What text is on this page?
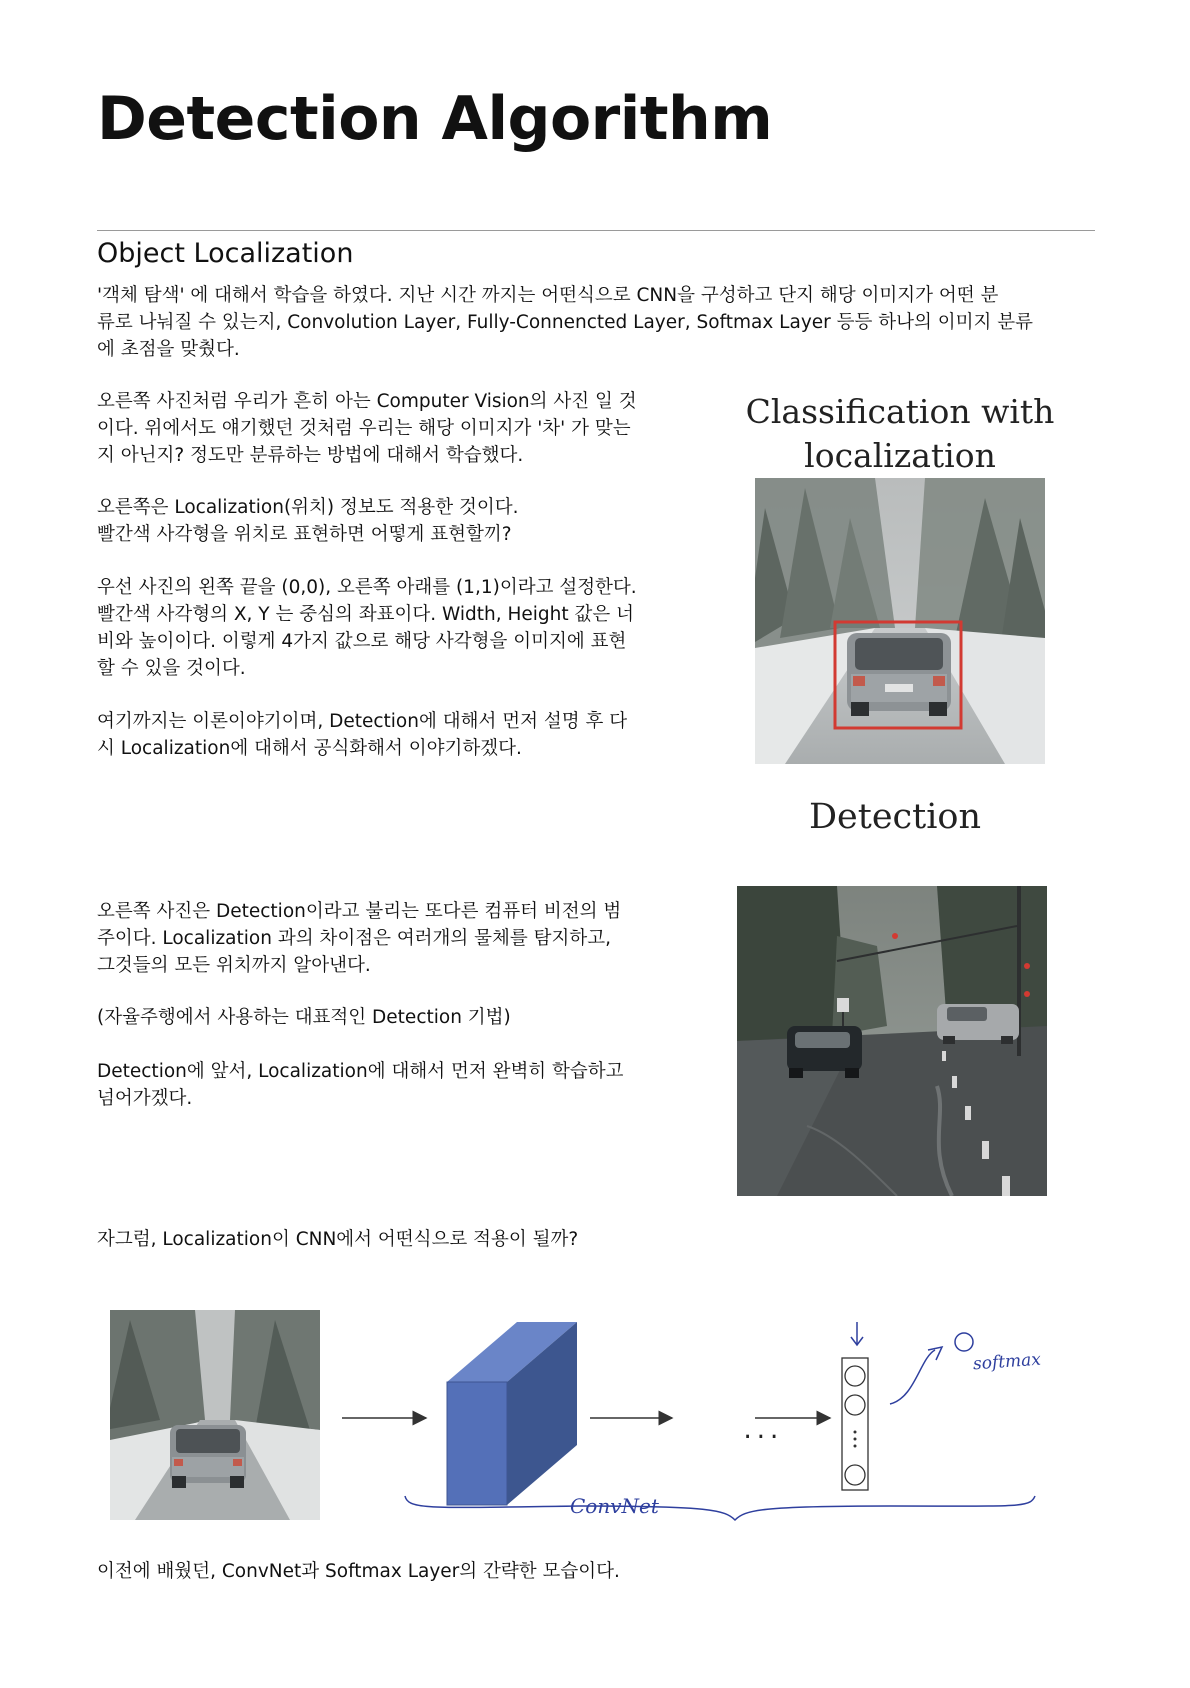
Detection Algorithm
Object Localization
'객체 탐색' 에 대해서 학습을 하였다. 지난 시간 까지는 어떤식으로 CNN을 구성하고 단지 해당 이미지가 어떤 분
류로 나눠질 수 있는지, Convolution Layer, Fully-Connencted Layer, Softmax Layer 등등 하나의 이미지 분류
에 초점을 맞췄다.
오른쪽 사진처럼 우리가 흔히 아는 Computer Vision의 사진 일 것
이다. 위에서도 얘기했던 것처럼 우리는 해당 이미지가 '차' 가 맞는
지 아닌지? 정도만 분류하는 방법에 대해서 학습했다.
오른쪽은 Localization(위치) 정보도 적용한 것이다.
빨간색 사각형을 위치로 표현하면 어떻게 표현할끼?
우선 사진의 왼쪽 끝을 (0,0), 오른쪽 아래를 (1,1)이라고 설정한다.
빨간색 사각형의 X, Y 는 중심의 좌표이다. Width, Height 값은 너
비와 높이이다. 이렇게 4가지 값으로 해당 사각형을 이미지에 표현
할 수 있을 것이다.
여기까지는 이론이야기이며, Detection에 대해서 먼저 설명 후 다
시 Localization에 대해서 공식화해서 이야기하겠다.
오른쪽 사진은 Detection이라고 불리는 또다른 컴퓨터 비전의 범
주이다. Localization 과의 차이점은 여러개의 물체를 탐지하고,
그것들의 모든 위치까지 알아낸다.
(자율주행에서 사용하는 대표적인 Detection 기법)
Detection에 앞서, Localization에 대해서 먼저 완벽히 학습하고
넘어가겠다.
자그럼, Localization이 CNN에서 어떤식으로 적용이 될까?
이전에 배웠던, ConvNet과 Softmax Layer의 간략한 모습이다.
Classification with
localization
Detection
···
softmax
ConvNet
